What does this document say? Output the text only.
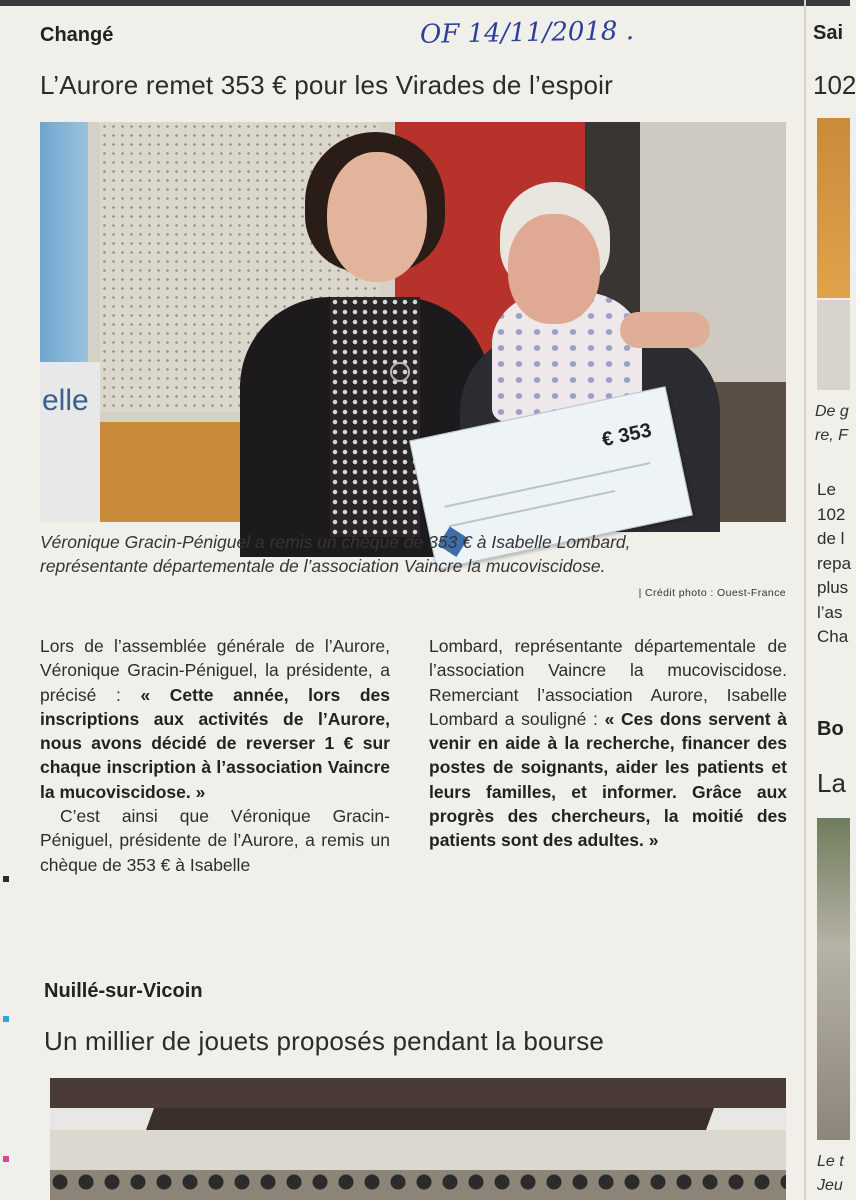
Changé	OF 14/11/2018 .
L’Aurore remet 353 € pour les Virades de l’espoir
elle
€ 353
Véronique Gracin-Péniguel a remis un chèque de 353 € à Isabelle Lombard,
représentante départementale de l’association Vaincre la mucoviscidose.
| Crédit photo : Ouest-France

Lors de l’assemblée générale de l’Aurore, Véronique Gracin-Péniguel, la présidente, a précisé : « Cette année, lors des inscriptions aux activités de l’Aurore, nous avons décidé de reverser 1 € sur chaque inscription à l’association Vaincre la mucoviscidose. »

C’est ainsi que Véronique Gracin-Péniguel, présidente de l’Aurore, a remis un chèque de 353 € à Isabelle

Lombard, représentante départementale de l’association Vaincre la mucoviscidose. Remerciant l’association Aurore, Isabelle Lombard a souligné : « Ces dons servent à venir en aide à la recherche, financer des postes de soignants, aider les patients et leurs familles, et informer. Grâce aux progrès des chercheurs, la moitié des patients sont des adultes. »

Nuillé-sur-Vicoin
Un millier de jouets proposés pendant la bourse
Sai
102
De g
re, F
Le
102
de l
repa
plus
l’as
Cha
Bo
La
Le t
Jeu
